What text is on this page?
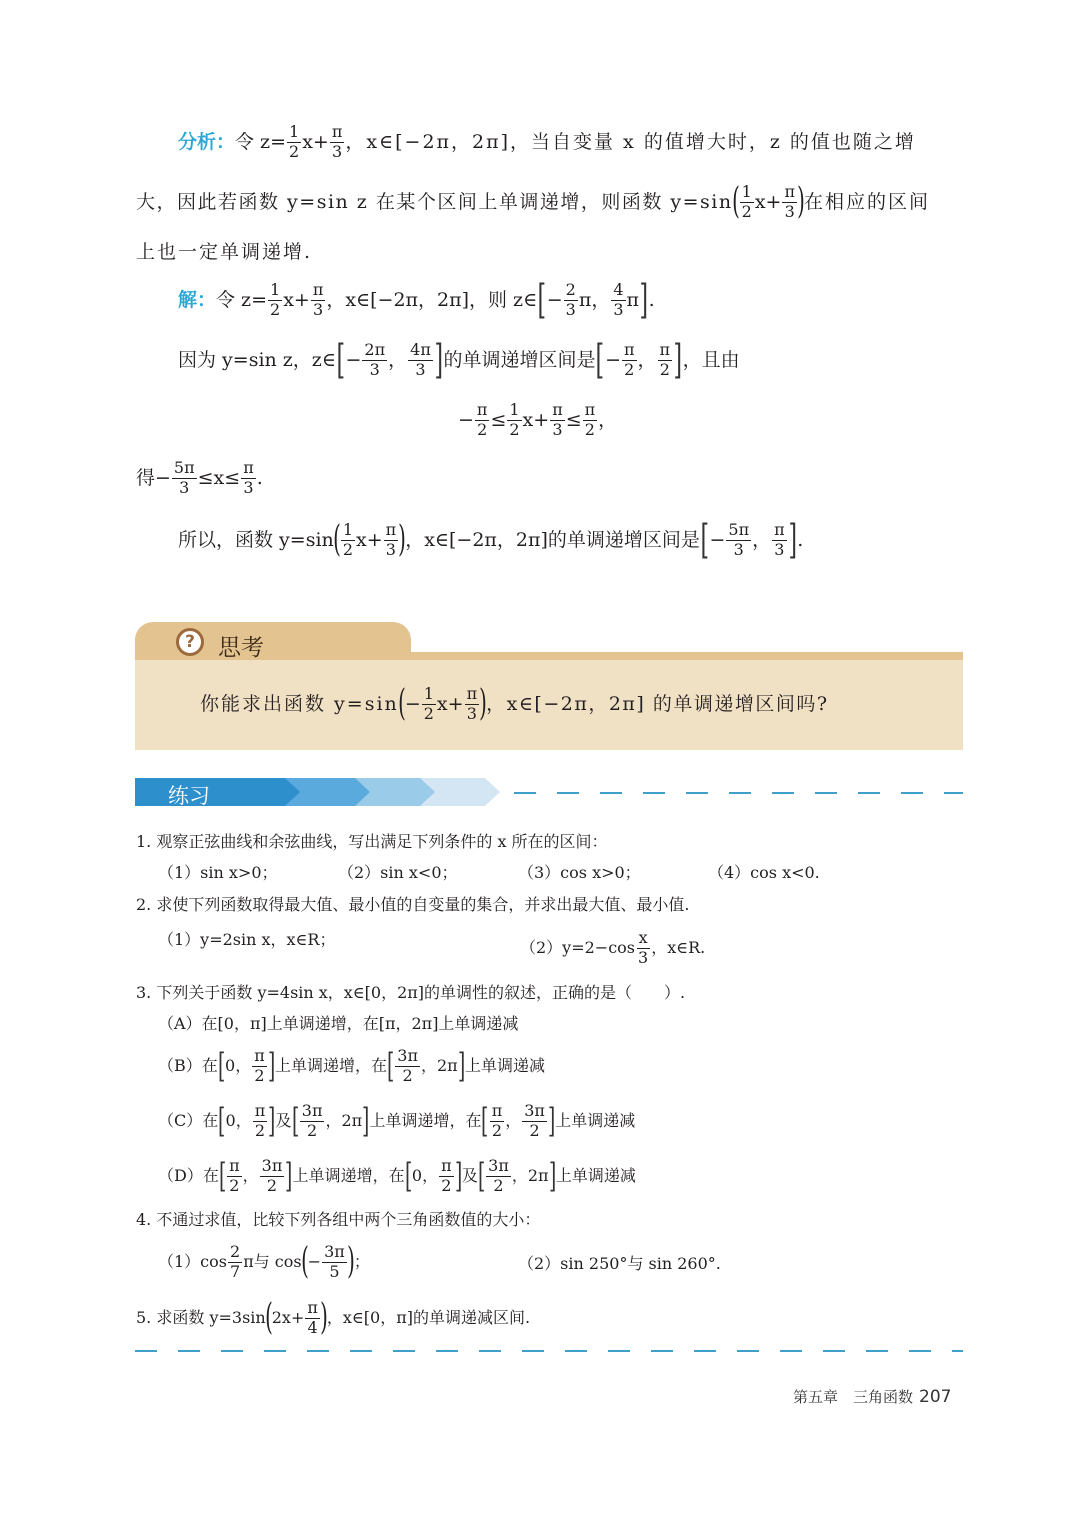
分析： 令 $z= \frac{1}{2} x+ \frac{\pi}{3}$ ，x∈[−2π，2π]，当自变量 x 的值增大时，z 的值也随之增
大，因此若函数 y=sin z 在某个区间上单调递增，则函数 y=sin ( $\frac{1}{2} x+ \frac{\pi}{3}$ ) 在相应的区间
上也一定单调递增.
解： 令 $z= \frac{1}{2} x+ \frac{\pi}{3}$ ，x∈[−2π，2π]，则 z∈ [ − $\frac{2}{3}$ π， $\frac{4}{3}$ π ] .
因为 y=sin z，z∈ [ − $\frac{2\pi}{3}$ ， $\frac{4\pi}{3}$ ] 的单调递增区间是 [ − $\frac{\pi}{2}$ ， $\frac{\pi}{2}$ ] ，且由
− $\frac{\pi}{2} \le \frac{1}{2} x+ \frac{\pi}{3} \le \frac{\pi}{2}$ ，
得− $\frac{5\pi}{3} \le x\le \frac{\pi}{3}$ .
所以，函数 y=sin ( $\frac{1}{2} x+ \frac{\pi}{3}$ ) ，x∈[−2π，2π]的单调递增区间是 [ − $\frac{5\pi}{3}$ ， $\frac{\pi}{3}$ ] .
?	思考
你能求出函数 y=sin ( − $\frac{1}{2} x+ \frac{\pi}{3}$ ) ，x∈[−2π，2π] 的单调递增区间吗?
练习
1. 观察正弦曲线和余弦曲线，写出满足下列条件的 x 所在的区间：
（1）sin x>0；	（2）sin x<0；	（3）cos x>0；	（4）cos x<0.
2. 求使下列函数取得最大值、最小值的自变量的集合，并求出最大值、最小值.
（1）y=2sin x，x∈R；	$(2)y=2-\cos \frac{x}{3}$ ，x∈R.
3. 下列关于函数 y=4sin x，x∈[0，2π]的单调性的叙述，正确的是（　　）.
（A）在[0，π]上单调递增，在[π，2π]上单调递减
（B）在 [ 0， $\frac{\pi}{2}$ ] 上单调递增，在 [ $\frac{3\pi}{2}$ ，2π ] 上单调递减
（C）在 [ 0， $\frac{\pi}{2}$ ] 及 [ $\frac{3\pi}{2}$ ，2π ] 上单调递增，在 [ $\frac{\pi}{2}$ ， $\frac{3\pi}{2}$ ] 上单调递减
（D）在 [ $\frac{\pi}{2}$ ， $\frac{3\pi}{2}$ ] 上单调递增，在 [ 0， $\frac{\pi}{2}$ ] 及 [ $\frac{3\pi}{2}$ ，2π ] 上单调递减
4. 不通过求值，比较下列各组中两个三角函数值的大小：
$(1)\cos \frac{2}{7}$ π与 cos ( − $\frac{3\pi}{5}$ ) ；	（2）sin 250°与 sin 260°.
5. 求函数 y=3sin ( $2x+ \frac{\pi}{4}$ ) ，x∈[0，π]的单调递减区间.
第五章　三角函数 207
